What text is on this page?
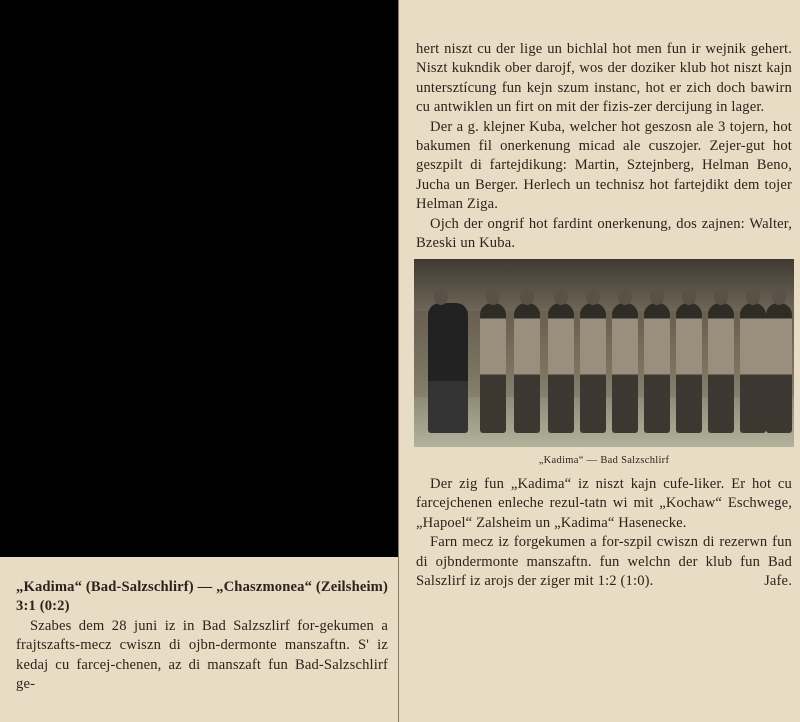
hert niszt cu der lige un bichlal hot men fun ir wejnik gehert. Niszt kukndik ober darojf, wos der doziker klub hot niszt kajn untersztícung fun kejn szum instanc, hot er zich doch bawirn cu antwiklen un firt on mit der fizis-zer dercijung in lager.

Der a g. klejner Kuba, welcher hot geszosn ale 3 tojern, hot bakumen fil onerkenung micad ale cuszojer. Zejer-gut hot geszpilt di fartejdikung: Martin, Sztejnberg, Helman Beno, Jucha un Berger. Herlech un technisz hot fartejdikt dem tojer Helman Ziga.

Ojch der ongrif hot fardint onerkenung, dos zajnen: Walter, Bzeski un Kuba.

„Kadima“ — Bad Salzschlirf

Der zig fun „Kadima“ iz niszt kajn cufe-liker. Er hot cu farcejchenen enleche rezul-tatn wi mit „Kochaw“ Eschwege, „Hapoel“ Zalsheim un „Kadima“ Hasenecke.

Farn mecz iz forgekumen a for-szpil cwiszn di rezerwn fun di ojbndermonte manszaftn. fun welchn der klub fun Bad Salszlirf iz arojs der ziger mit 1:2 (1:0).	Jafe.

„Kadima“ (Bad-Salzschlirf) — „Chaszmonea“ (Zeilsheim) 3:1 (0:2)

Szabes dem 28 juni iz in Bad Salzszlirf for-gekumen a frajtszafts-mecz cwiszn di ojbn-dermonte manszaftn. S' iz kedaj cu farcej-chenen, az di manszaft fun Bad-Salzschlirf ge-
